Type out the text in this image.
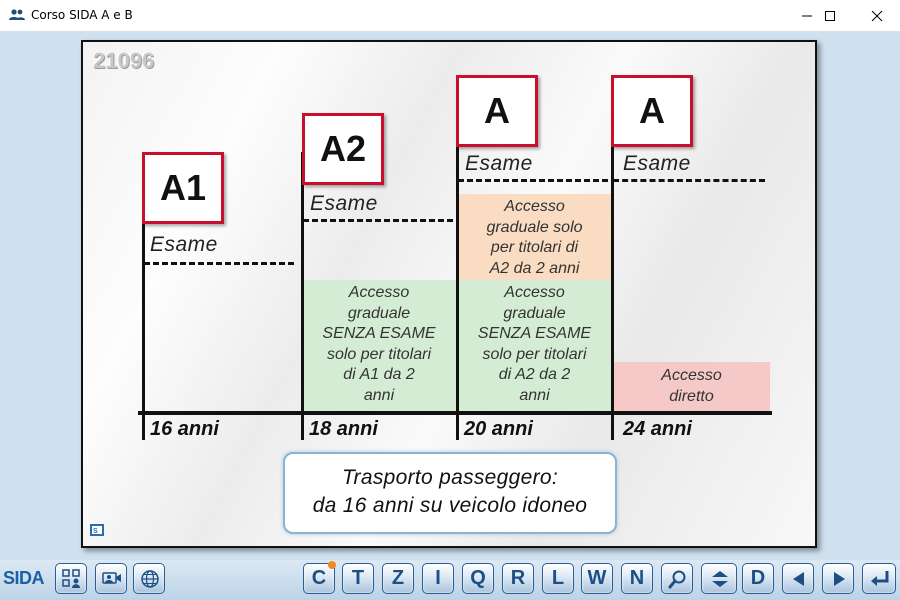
Corso SIDA A e B
21096
Accesso
graduale
SENZA ESAME
solo per titolari
di A1 da 2
anni
Accesso
graduale solo
per titolari di
A2 da 2 anni
Accesso
graduale
SENZA ESAME
solo per titolari
di A2 da 2
anni
Accesso
diretto
A1
A2
A	A
Esame
Esame
Esame	Esame
16 anni	18 anni	20 anni	24 anni
Trasporto passeggero:
da 16 anni su veicolo idoneo
S
SIDA	C	T	Z	I	Q	R	L	W	N	D
